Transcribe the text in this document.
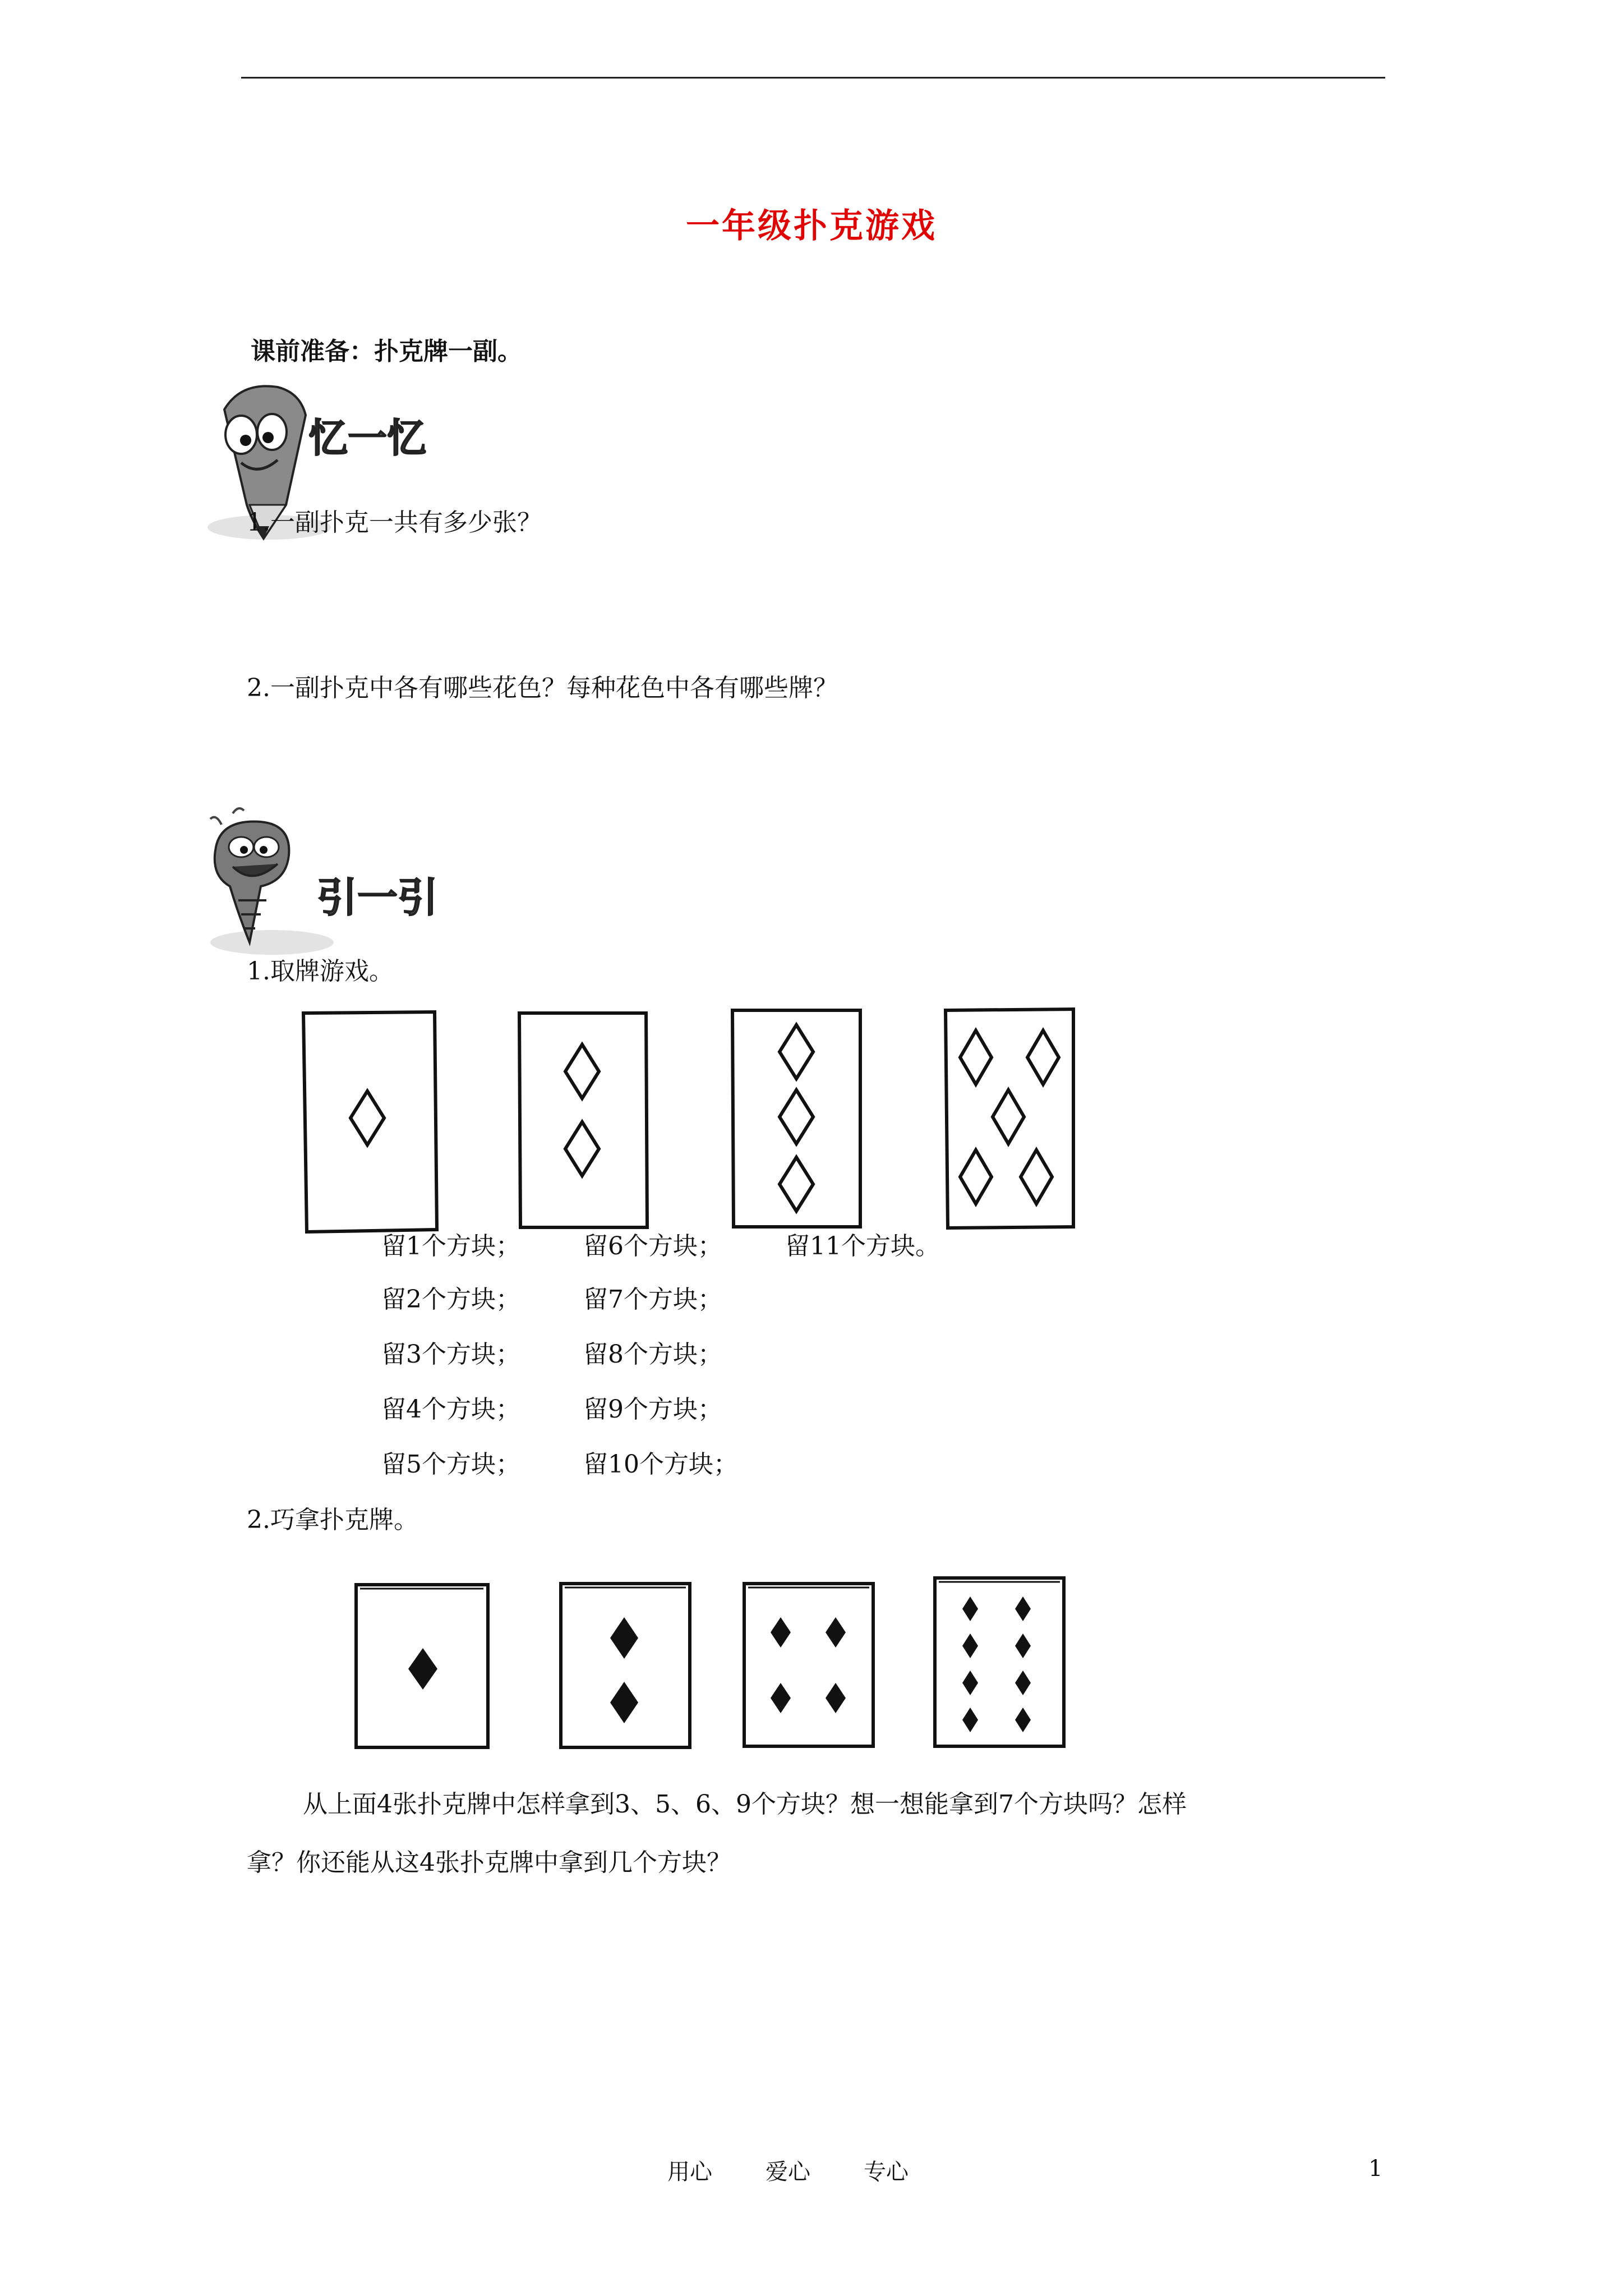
一年级扑克游戏
课前准备：扑克牌一副。
忆一忆
1.一副扑克一共有多少张？
2.一副扑克中各有哪些花色？每种花色中各有哪些牌？
引一引
1.取牌游戏。
留1个方块；	留6个方块；	留11个方块。
留2个方块；	留7个方块；
留3个方块；	留8个方块；
留4个方块；	留9个方块；
留5个方块；	留10个方块；
2.巧拿扑克牌。
从上面4张扑克牌中怎样拿到3、5、6、9个方块？想一想能拿到7个方块吗？怎样
拿？你还能从这4张扑克牌中拿到几个方块？
用心 爱心 专心	1
